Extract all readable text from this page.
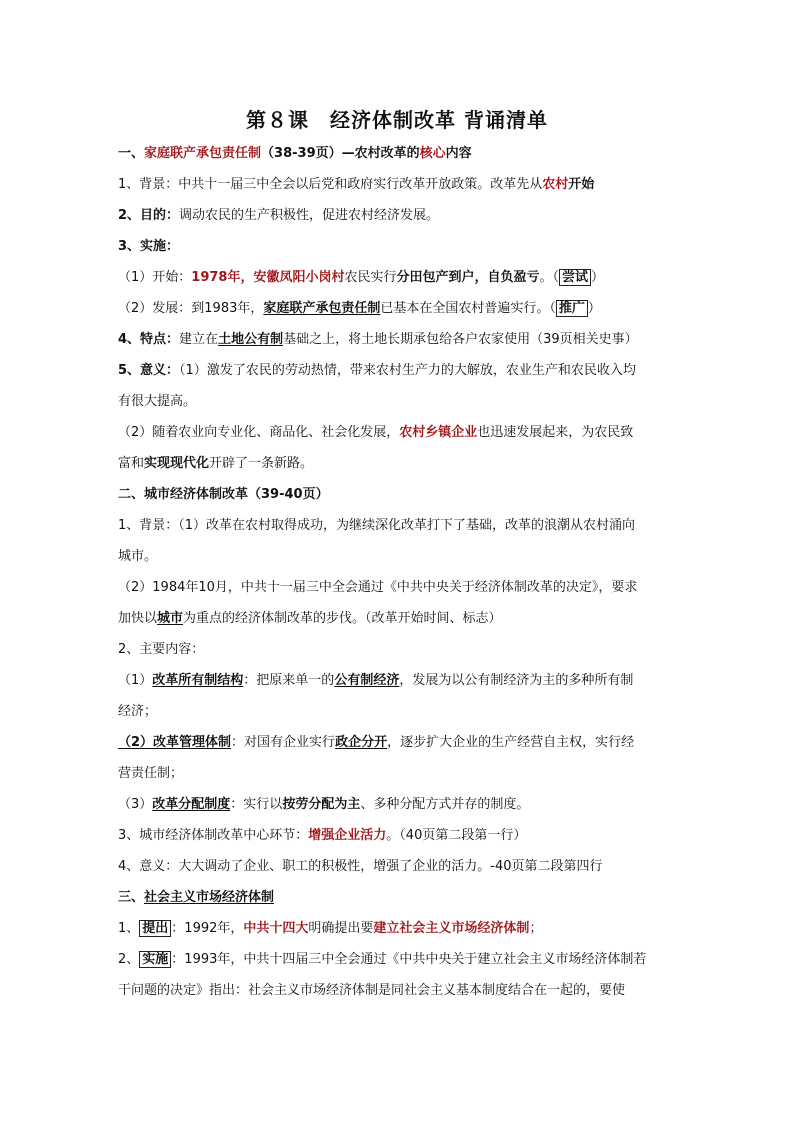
第８课　经济体制改革 背诵清单
一、家庭联产承包责任制（38-39页）—农村改革的核心内容
1、背景：中共十一届三中全会以后党和政府实行改革开放政策。改革先从农村开始
2、目的：调动农民的生产积极性，促进农村经济发展。
3、实施：
（1）开始：1978年，安徽凤阳小岗村农民实行分田包产到户，自负盈亏。（ 尝试 ）
（2）发展：到1983年，家庭联产承包责任制已基本在全国农村普遍实行。（ 推广 ）
4、特点：建立在土地公有制基础之上，将土地长期承包给各户农家使用（39页相关史事）
5、意义：（1）激发了农民的劳动热情，带来农村生产力的大解放，农业生产和农民收入均
有很大提高。
（2）随着农业向专业化、商品化、社会化发展，农村乡镇企业也迅速发展起来，为农民致
富和实现现代化开辟了一条新路。
二、城市经济体制改革（39-40页）
1、背景：（1）改革在农村取得成功，为继续深化改革打下了基础，改革的浪潮从农村涌向
城市。
（2）1984年10月，中共十一届三中全会通过《中共中央关于经济体制改革的决定》，要求
加快以城市为重点的经济体制改革的步伐。（改革开始时间、标志）
2、主要内容：
（1）改革所有制结构：把原来单一的公有制经济，发展为以公有制经济为主的多种所有制
经济；
（2）改革管理体制：对国有企业实行政企分开，逐步扩大企业的生产经营自主权，实行经
营责任制；
（3）改革分配制度：实行以按劳分配为主、多种分配方式并存的制度。
3、城市经济体制改革中心环节：增强企业活力。（40页第二段第一行）
4、意义：大大调动了企业、职工的积极性，增强了企业的活力。-40页第二段第四行
三、社会主义市场经济体制
1、 提出 ：1992年，中共十四大明确提出要建立社会主义市场经济体制；
2、 实施 ：1993年，中共十四届三中全会通过《中共中央关于建立社会主义市场经济体制若
干问题的决定》指出：社会主义市场经济体制是同社会主义基本制度结合在一起的，要使
